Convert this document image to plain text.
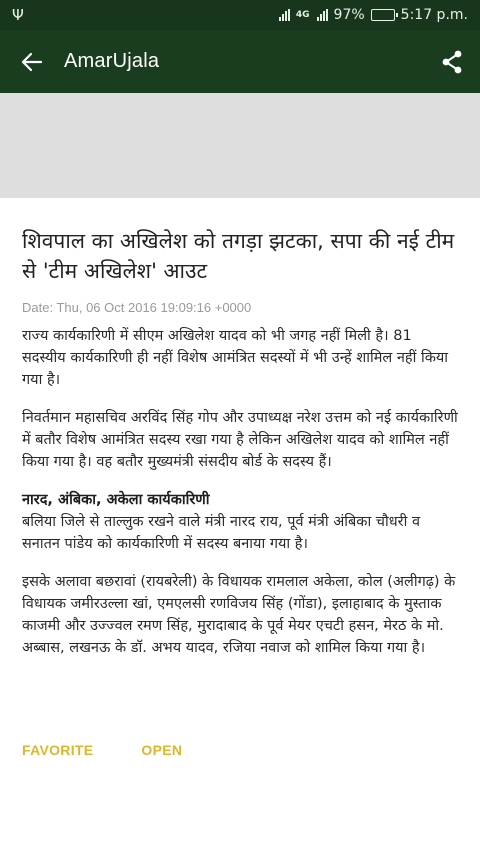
Ψ	4G 97%	5:17 p.m.
AmarUjala
शिवपाल का अखिलेश को तगड़ा झटका, सपा की नई टीम से 'टीम अखिलेश' आउट
Date: Thu, 06 Oct 2016 19:09:16 +0000

राज्य कार्यकारिणी में सीएम अखिलेश यादव को भी जगह नहीं मिली है। 81 सदस्यीय कार्यकारिणी ही नहीं विशेष आमंत्रित सदस्यों में भी उन्हें शामिल नहीं किया गया है।

निवर्तमान महासचिव अरविंद सिंह गोप और उपाध्यक्ष नरेश उत्तम को नई कार्यकारिणी में बतौर विशेष आमंत्रित सदस्य रखा गया है लेकिन अखिलेश यादव को शामिल नहीं किया गया है। वह बतौर मुख्यमंत्री संसदीय बोर्ड के सदस्य हैं।

नारद, अंबिका, अकेला कार्यकारिणी

बलिया जिले से ताल्लुक रखने वाले मंत्री नारद राय, पूर्व मंत्री अंबिका चौधरी व सनातन पांडेय को कार्यकारिणी में सदस्य बनाया गया है।

इसके अलावा बछरावां (रायबरेली) के विधायक रामलाल अकेला, कोल (अलीगढ़) के विधायक जमीरउल्ला खां, एमएलसी रणविजय सिंह (गोंडा), इलाहाबाद के मुस्ताक काजमी और उज्ज्वल रमण सिंह, मुरादाबाद के पूर्व मेयर एचटी हसन, मेरठ के मो. अब्बास, लखनऊ के डॉ. अभय यादव, रजिया नवाज को शामिल किया गया है।

FAVORITE	OPEN
